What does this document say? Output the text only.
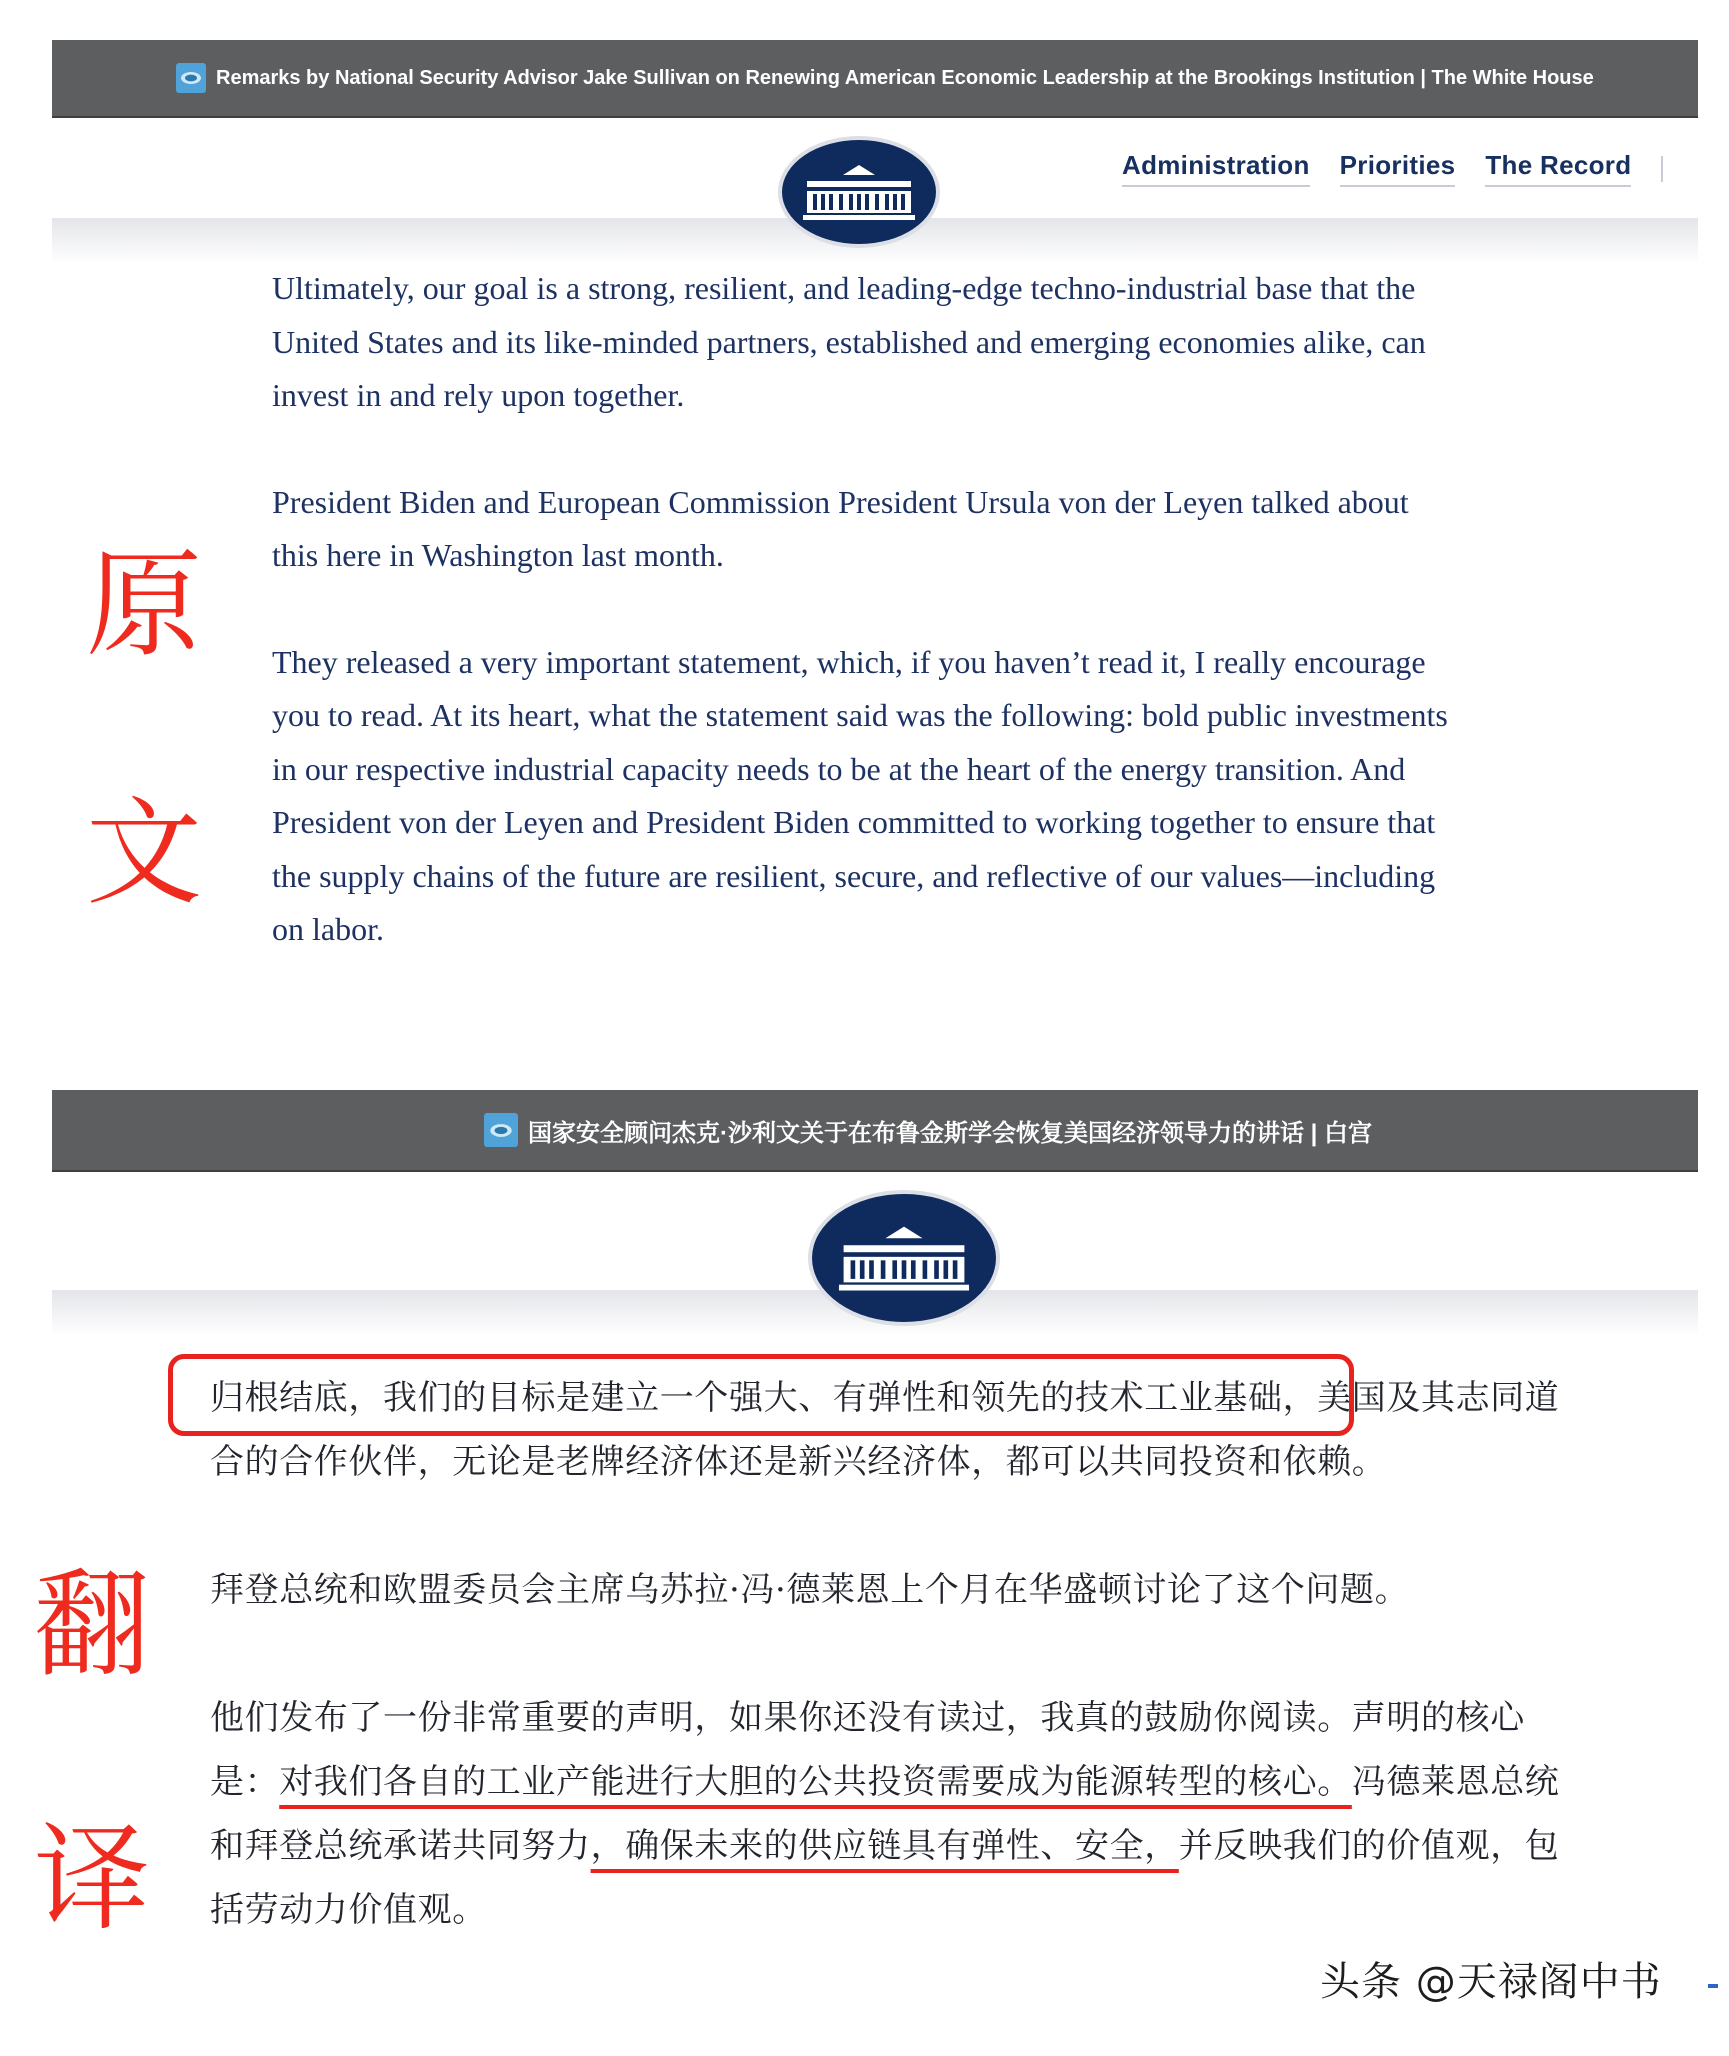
Remarks by National Security Advisor Jake Sullivan on Renewing American Economic Leadership at the Brookings Institution | The White House
Administration Priorities The Record

Ultimately, our goal is a strong, resilient, and leading-edge techno-industrial base that the United States and its like-minded partners, established and emerging economies alike, can invest in and rely upon together.

President Biden and European Commission President Ursula von der Leyen talked about this here in Washington last month.

They released a very important statement, which, if you haven’t read it, I really encourage you to read. At its heart, what the statement said was the following: bold public investments in our respective industrial capacity needs to be at the heart of the energy transition. And President von der Leyen and President Biden committed to working together to ensure that the supply chains of the future are resilient, secure, and reflective of our values—including on labor.

原
文
国家安全顾问杰克·沙利文关于在布鲁金斯学会恢复美国经济领导力的讲话 | 白宫

归根结底，我们的目标是建立一个强大、有弹性和领先的技术工业基础，美国及其志同道合的合作伙伴，无论是老牌经济体还是新兴经济体，都可以共同投资和依赖。

拜登总统和欧盟委员会主席乌苏拉·冯·德莱恩上个月在华盛顿讨论了这个问题。

他们发布了一份非常重要的声明，如果你还没有读过，我真的鼓励你阅读。声明的核心是：对我们各自的工业产能进行大胆的公共投资需要成为能源转型的核心。冯德莱恩总统和拜登总统承诺共同努力，确保未来的供应链具有弹性、安全，并反映我们的价值观，包括劳动力价值观。

翻
译
头条 @天禄阁中书
